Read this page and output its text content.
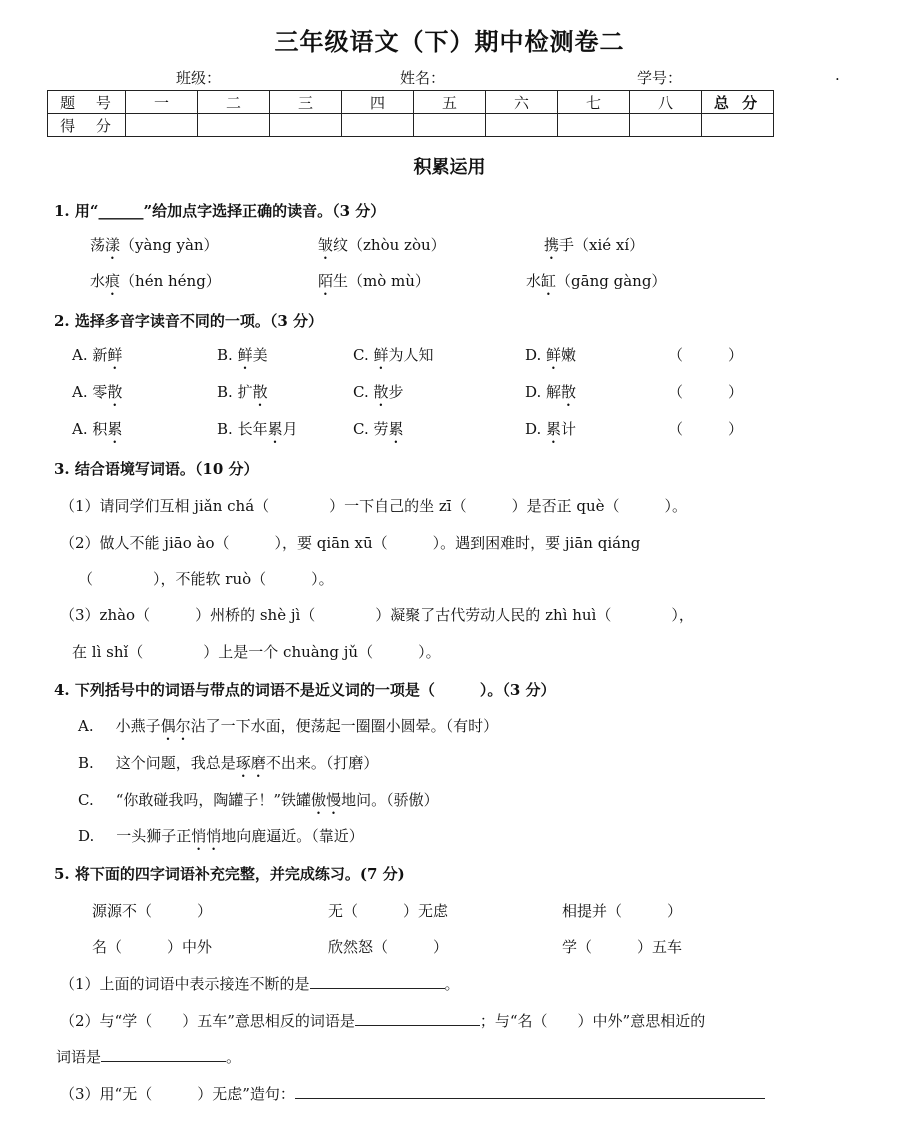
三年级语文（下）期中检测卷二
班级：	姓名：	学号：	.
题 号	一	二	三	四	五	六	七	八	总 分
得 分									
积累运用
1. 用“______”给加点字选择正确的读音。（3 分）
荡漾（yàng yàn）	皱纹（zhòu zòu）	携手（xié xí）
水痕（hén héng）	陌生（mò mù）	水缸（gāng gàng）
2. 选择多音字读音不同的一项。（3 分）
A. 新鲜	B. 鲜美	C. 鲜为人知	D. 鲜嫩	（　　　）
A. 零散	B. 扩散	C. 散步	D. 解散	（　　　）
A. 积累	B. 长年累月	C. 劳累	D. 累计	（　　　）
3. 结合语境写词语。（10 分）
（1）请同学们互相 jiǎn chá（　　　　）一下自己的坐 zī（　　　）是否正 què（　　　）。
（2）做人不能 jiāo ào（　　　），要 qiān xū（　　　）。遇到困难时，要 jiān qiáng
（　　　　），不能软 ruò（　　　）。
（3）zhào（　　　）州桥的 shè jì（　　　　）凝聚了古代劳动人民的 zhì huì（　　　　），
在 lì shǐ（　　　　）上是一个 chuàng jǔ（　　　）。
4. 下列括号中的词语与带点的词语不是近义词的一项是（　　　）。（3 分）
A. 小燕子偶尔沾了一下水面，便荡起一圈圈小圆晕。（有时）
B. 这个问题，我总是琢磨不出来。（打磨）
C. “你敢碰我吗，陶罐子！”铁罐傲慢地问。（骄傲）
D. 一头狮子正悄悄地向鹿逼近。（靠近）
5. 将下面的四字词语补充完整，并完成练习。(7 分)
源源不（　　　）	无（　　　）无虑	相提并（　　　）
名（　　　）中外	欣然怒（　　　）	学（　　　）五车
（1）上面的词语中表示接连不断的是	。
（2）与“学（　　）五车”意思相反的词语是	；与“名（　　）中外”意思相近的
词语是	。
（3）用“无（　　　）无虑”造句：
